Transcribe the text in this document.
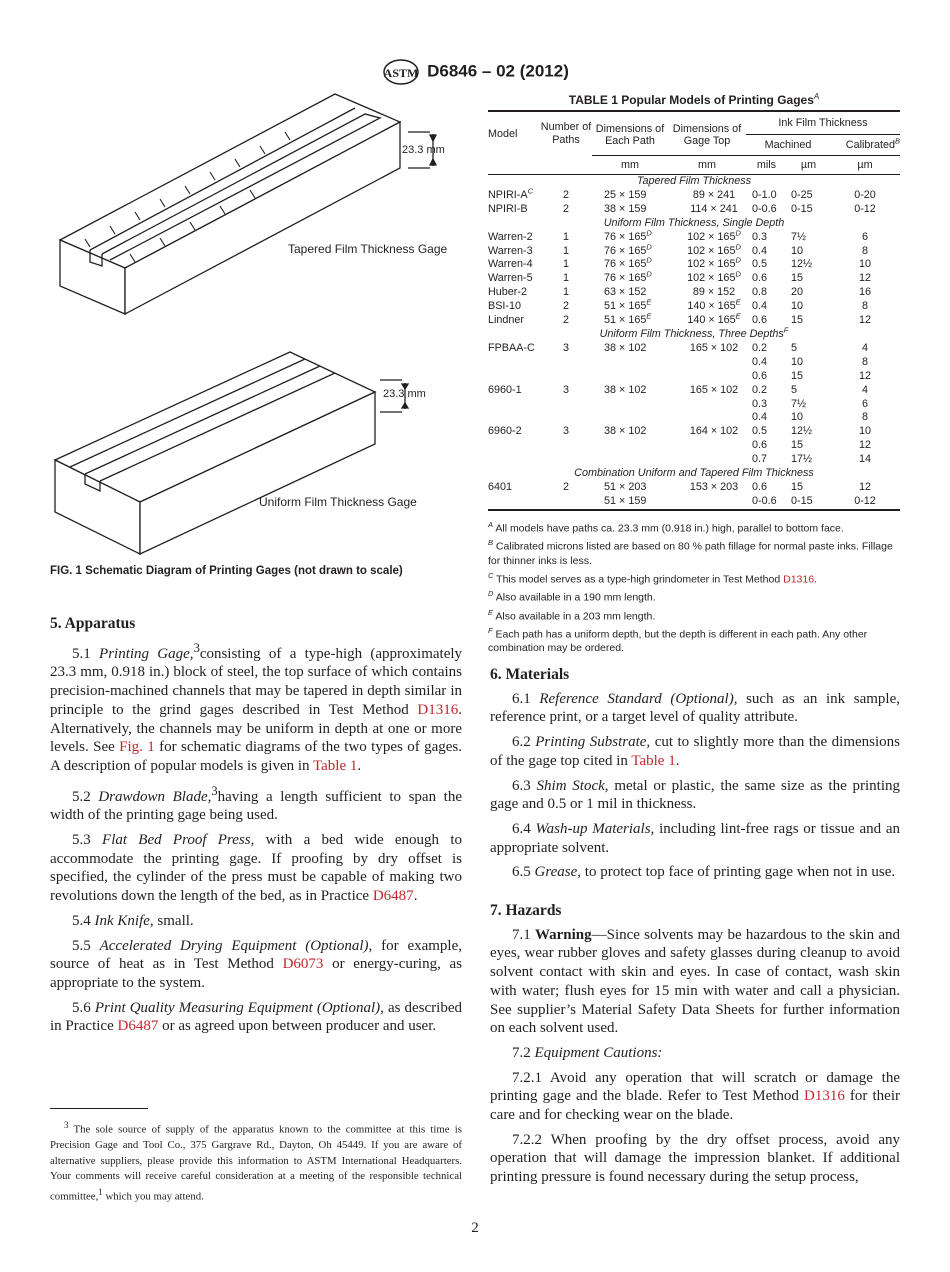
ASTM D6846 – 02 (2012)
23.3 mm
Tapered Film Thickness Gage
23.3 mm
Uniform Film Thickness Gage
FIG. 1 Schematic Diagram of Printing Gages (not drawn to scale)
TABLE 1 Popular Models of Printing Gages$^A$
Model	Number of Paths	Dimensions of Each Path	Dimensions of Gage Top	Ink Film Thickness		
				Machined		Calibrated$^B$
		mm	mm	mils	µm	µm
Tapered Film Thickness						
NPIRI-$A^C$	2	25 × 159	89 × 241	0-1.0	0-25	0-20
NPIRI-B	2	38 × 159	114 × 241	0-0.6	0-15	0-12
Uniform Film Thickness, Single Depth						
Warren-2	1	$76 \times 165^D$	$102 \times 165^D$	0.3	7½	6
Warren-3	1	$76 \times 165^D$	$102 \times 165^D$	0.4	10	8
Warren-4	1	$76 \times 165^D$	$102 \times 165^D$	0.5	12½	10
Warren-5	1	$76 \times 165^D$	$102 \times 165^D$	0.6	15	12
Huber-2	1	63 × 152	89 × 152	0.8	20	16
BSI-10	2	$51 \times 165^E$	$140 \times 165^E$	0.4	10	8
Lindner	2	$51 \times 165^E$	$140 \times 165^E$	0.6	15	12
Uniform Film Thickness, Three Depths$^F$
FPBAA-C	3	38 × 102	165 × 102	0.2	5	4
				0.4	10	8
				0.6	15	12
6960-1	3	38 × 102	165 × 102	0.2	5	4
				0.3	7½	6
				0.4	10	8
6960-2	3	38 × 102	164 × 102	0.5	12½	10
				0.6	15	12
				0.7	17½	14
Combination Uniform and Tapered Film Thickness						
6401	2	51 × 203	153 × 203	0.6	15	12
		51 × 159		0-0.6	0-15	0-12

$^A$ All models have paths ca. 23.3 mm (0.918 in.) high, parallel to bottom face.

$^B$ Calibrated microns listed are based on 80 % path fillage for normal paste inks. Fillage for thinner inks is less.

$^C$ This model serves as a type-high grindometer in Test Method D1316.

$^D$ Also available in a 190 mm length.

$^E$ Also available in a 203 mm length.

$^F$ Each path has a uniform depth, but the depth is different in each path. Any other combination may be ordered.

5. Apparatus

5.1 Printing Gage,$^3$consisting of a type-high (approximately 23.3 mm, 0.918 in.) block of steel, the top surface of which contains precision-machined channels that may be tapered in depth similar in principle to the grind gages described in Test Method D1316. Alternatively, the channels may be uniform in depth at one or more levels. See Fig. 1 for schematic diagrams of the two types of gages. A description of popular models is given in Table 1.

5.2 Drawdown Blade,$^3$having a length sufficient to span the width of the printing gage being used.

5.3 Flat Bed Proof Press, with a bed wide enough to accommodate the printing gage. If proofing by dry offset is specified, the cylinder of the press must be capable of making two revolutions down the length of the bed, as in Practice D6487.

5.4 Ink Knife, small.

5.5 Accelerated Drying Equipment (Optional), for example, source of heat as in Test Method D6073 or energy-curing, as appropriate to the system.

5.6 Print Quality Measuring Equipment (Optional), as described in Practice D6487 or as agreed upon between producer and user.

6. Materials

6.1 Reference Standard (Optional), such as an ink sample, reference print, or a target level of quality attribute.

6.2 Printing Substrate, cut to slightly more than the dimensions of the gage top cited in Table 1.

6.3 Shim Stock, metal or plastic, the same size as the printing gage and 0.5 or 1 mil in thickness.

6.4 Wash-up Materials, including lint-free rags or tissue and an appropriate solvent.

6.5 Grease, to protect top face of printing gage when not in use.

7. Hazards

7.1 Warning—Since solvents may be hazardous to the skin and eyes, wear rubber gloves and safety glasses during cleanup to avoid solvent contact with skin and eyes. In case of contact, wash skin with water; flush eyes for 15 min with water and call a physician. See supplier’s Material Safety Data Sheets for further information on each solvent used.

7.2 Equipment Cautions:

7.2.1 Avoid any operation that will scratch or damage the printing gage and the blade. Refer to Test Method D1316 for their care and for checking wear on the blade.

7.2.2 When proofing by the dry offset process, avoid any operation that will damage the impression blanket. If additional printing pressure is found necessary during the setup process,

$^3$ The sole source of supply of the apparatus known to the committee at this time is Precision Gage and Tool Co., 375 Gargrave Rd., Dayton, Oh 45449. If you are aware of alternative suppliers, please provide this information to ASTM International Headquarters. Your comments will receive careful consideration at a meeting of the responsible technical committee,$^1$ which you may attend.

2
